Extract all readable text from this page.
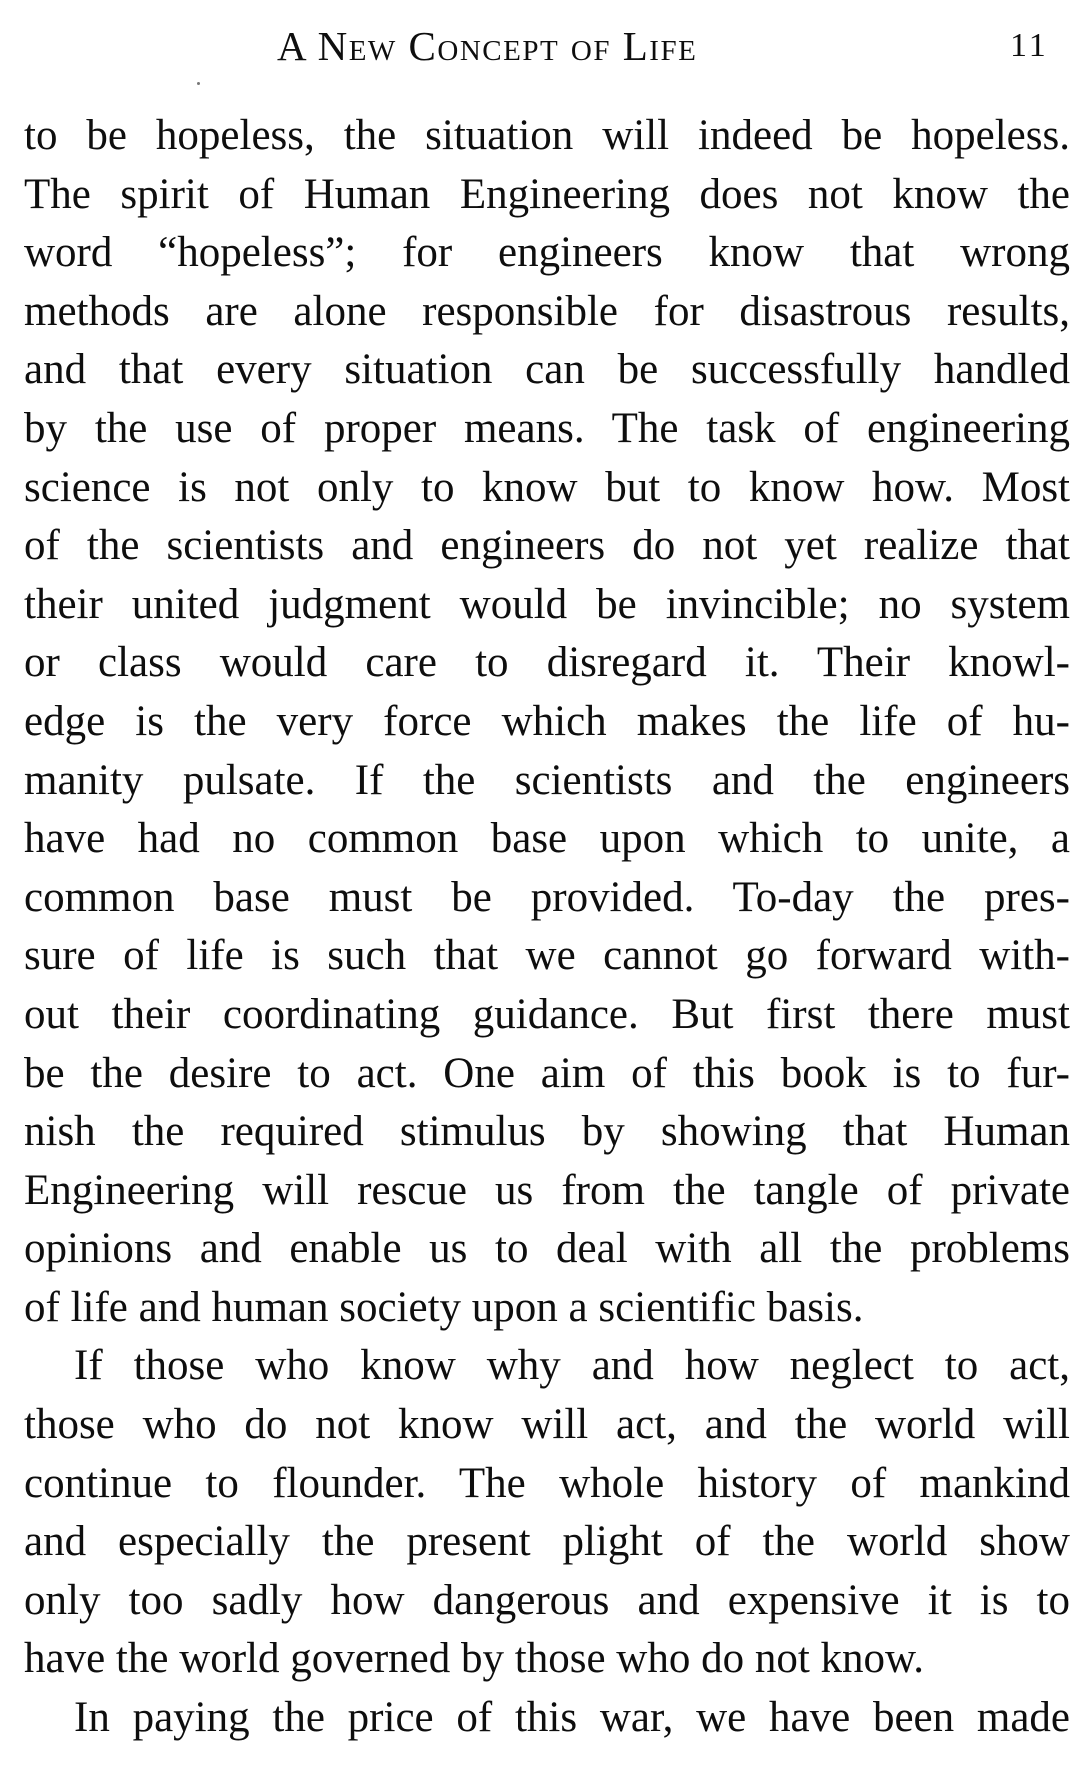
A New Concept of Life	11
to be hopeless, the situation will indeed be hopeless.
The spirit of Human Engineering does not know the
word “hopeless”; for engineers know that wrong
methods are alone responsible for disastrous results,
and that every situation can be successfully handled
by the use of proper means. The task of engineering
science is not only to know but to know how. Most
of the scientists and engineers do not yet realize that
their united judgment would be invincible; no system
or class would care to disregard it. Their knowl-
edge is the very force which makes the life of hu-
manity pulsate. If the scientists and the engineers
have had no common base upon which to unite, a
common base must be provided. To-day the pres-
sure of life is such that we cannot go forward with-
out their coordinating guidance. But first there must
be the desire to act. One aim of this book is to fur-
nish the required stimulus by showing that Human
Engineering will rescue us from the tangle of private
opinions and enable us to deal with all the problems
of life and human society upon a scientific basis.
If those who know why and how neglect to act,
those who do not know will act, and the world will
continue to flounder. The whole history of mankind
and especially the present plight of the world show
only too sadly how dangerous and expensive it is to
have the world governed by those who do not know.
In paying the price of this war, we have been made
